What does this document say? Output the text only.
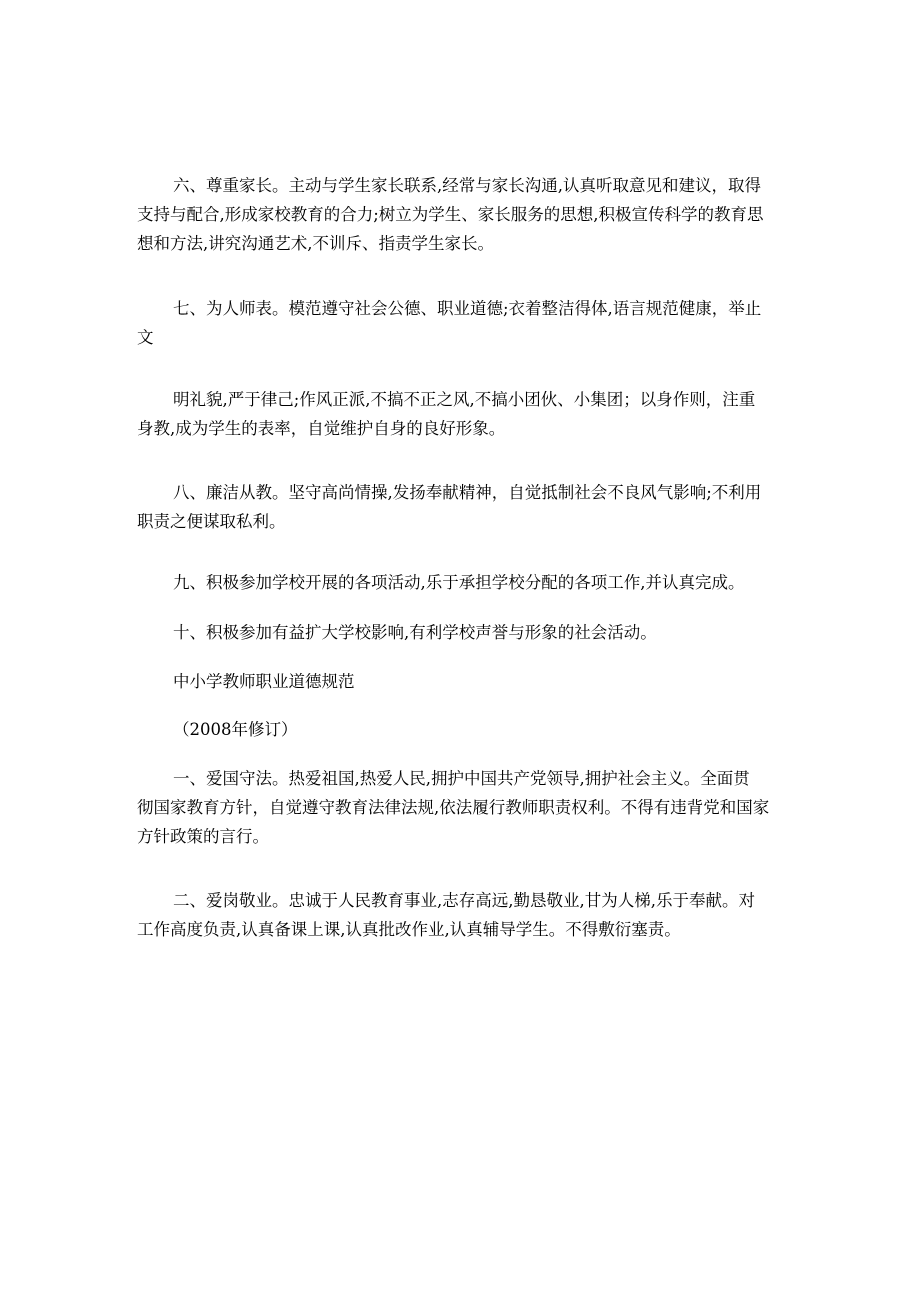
六、尊重家长。主动与学生家长联系,经常与家长沟通,认真听取意见和建议，取得
支持与配合,形成家校教育的合力;树立为学生、家长服务的思想,积极宣传科学的教育思
想和方法,讲究沟通艺术,不训斥、指责学生家长。
七、为人师表。模范遵守社会公德、职业道德;衣着整洁得体,语言规范健康，举止
文
明礼貌,严于律己;作风正派,不搞不正之风,不搞小团伙、小集团；以身作则，注重
身教,成为学生的表率，自觉维护自身的良好形象。
八、廉洁从教。坚守高尚情操,发扬奉献精神，自觉抵制社会不良风气影响;不利用
职责之便谋取私利。
九、积极参加学校开展的各项活动,乐于承担学校分配的各项工作,并认真完成。
十、积极参加有益扩大学校影响,有利学校声誉与形象的社会活动。
中小学教师职业道德规范
（2008年修订）
一、爱国守法。热爱祖国,热爱人民,拥护中国共产党领导,拥护社会主义。全面贯
彻国家教育方针，自觉遵守教育法律法规,依法履行教师职责权利。不得有违背党和国家
方针政策的言行。
二、爱岗敬业。忠诚于人民教育事业,志存高远,勤恳敬业,甘为人梯,乐于奉献。对
工作高度负责,认真备课上课,认真批改作业,认真辅导学生。不得敷衍塞责。
